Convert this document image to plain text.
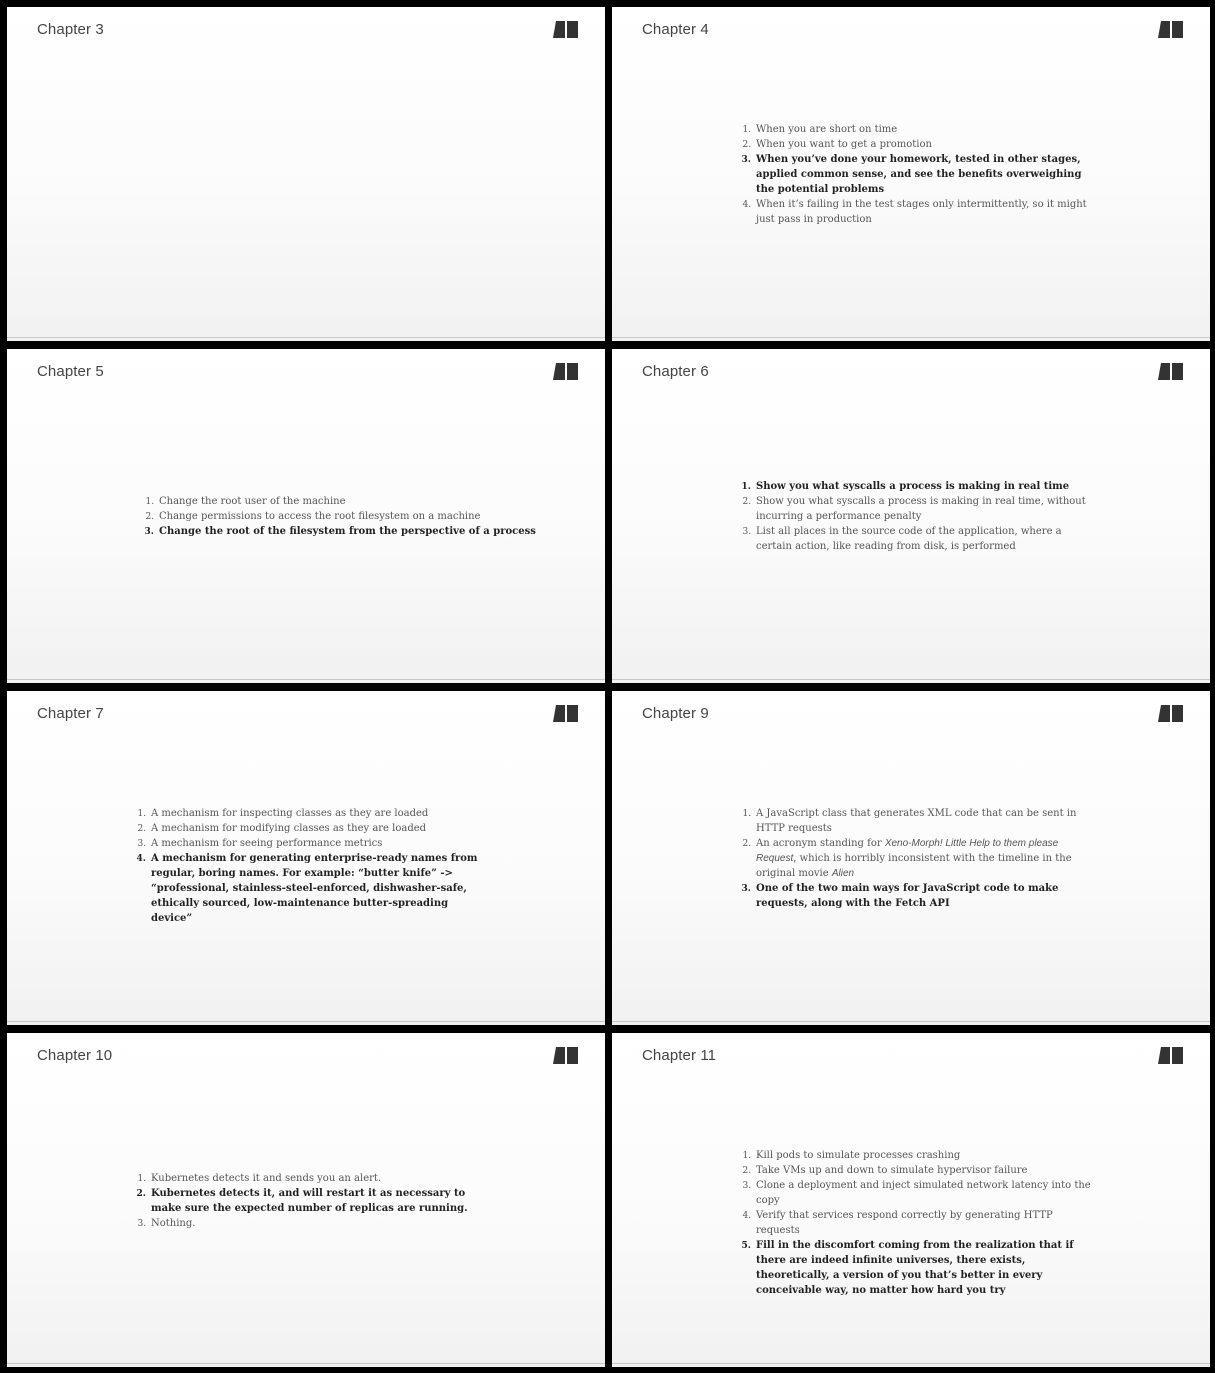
Chapter 3	Chapter 4
1. When you are short on time
2. When you want to get a promotion
3. When you’ve done your homework, tested in other stages, applied common sense, and see the benefits overweighing the potential problems
4. When it’s failing in the test stages only intermittently, so it might just pass in production
Chapter 5
1. Change the root user of the machine
2. Change permissions to access the root filesystem on a machine
3. Change the root of the filesystem from the perspective of a process
Chapter 6
1. Show you what syscalls a process is making in real time
2. Show you what syscalls a process is making in real time, without incurring a performance penalty
3. List all places in the source code of the application, where a certain action, like reading from disk, is performed
Chapter 7
1. A mechanism for inspecting classes as they are loaded
2. A mechanism for modifying classes as they are loaded
3. A mechanism for seeing performance metrics
4. A mechanism for generating enterprise-ready names from regular, boring names. For example: “butter knife” -> “professional, stainless-steel-enforced, dishwasher-safe, ethically sourced, low-maintenance butter-spreading device”
Chapter 9
1. A JavaScript class that generates XML code that can be sent in HTTP requests
2. An acronym standing for Xeno-Morph! Little Help to them please Request, which is horribly inconsistent with the timeline in the original movie Alien
3. One of the two main ways for JavaScript code to make requests, along with the Fetch API
Chapter 10
1. Kubernetes detects it and sends you an alert.
2. Kubernetes detects it, and will restart it as necessary to make sure the expected number of replicas are running.
3. Nothing.
Chapter 11
1. Kill pods to simulate processes crashing
2. Take VMs up and down to simulate hypervisor failure
3. Clone a deployment and inject simulated network latency into the copy
4. Verify that services respond correctly by generating HTTP requests
5. Fill in the discomfort coming from the realization that if there are indeed infinite universes, there exists, theoretically, a version of you that’s better in every conceivable way, no matter how hard you try
